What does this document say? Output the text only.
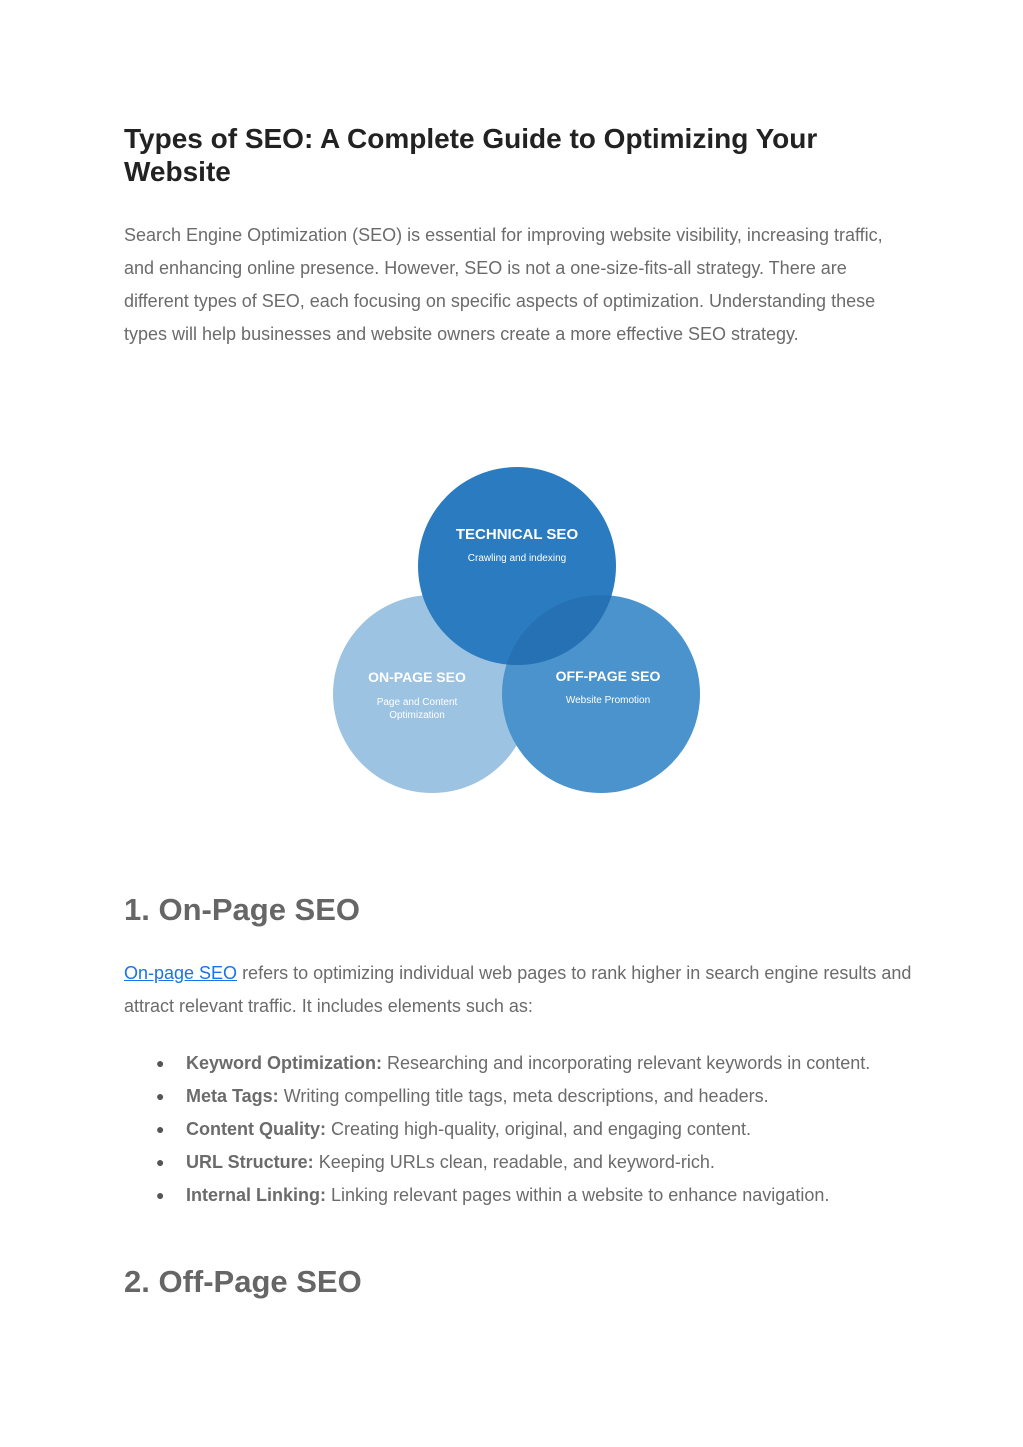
Types of SEO: A Complete Guide to Optimizing Your Website

Search Engine Optimization (SEO) is essential for improving website visibility, increasing traffic, and enhancing online presence. However, SEO is not a one-size-fits-all strategy. There are different types of SEO, each focusing on specific aspects of optimization. Understanding these types will help businesses and website owners create a more effective SEO strategy.

TECHNICAL SEO
Crawling and indexing
ON-PAGE SEO
Page and Content
Optimization
OFF-PAGE SEO
Website Promotion
1. On-Page SEO

On-page SEO refers to optimizing individual web pages to rank higher in search engine results and attract relevant traffic. It includes elements such as:

● Keyword Optimization: Researching and incorporating relevant keywords in content.
● Meta Tags: Writing compelling title tags, meta descriptions, and headers.
● Content Quality: Creating high-quality, original, and engaging content.
● URL Structure: Keeping URLs clean, readable, and keyword-rich.
● Internal Linking: Linking relevant pages within a website to enhance navigation.
2. Off-Page SEO
